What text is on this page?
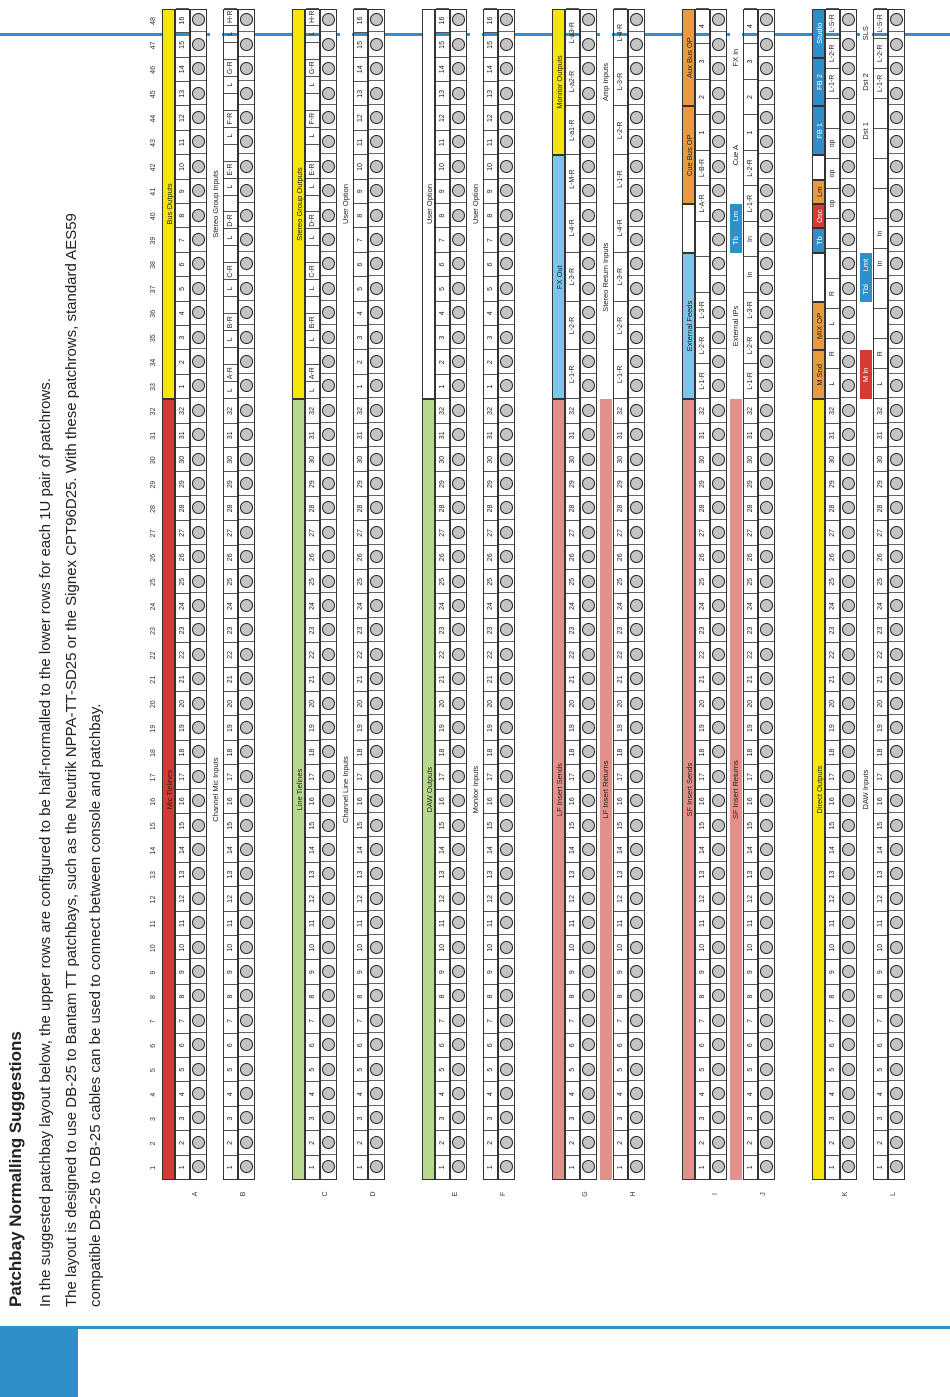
Patchbay Normalling Suggestions In the suggested patchbay layout below, the upper rows are configured to be half-normalled to the lower rows for each 1U pair of patchrows. The layout is designed to use DB-25 to Bantam TT patchbays, such as the Neutrik NPPA-TT-SD25 or the Signex CPT96D25. With these patchrows, standard AES59 compatible DB-25 to DB-25 cables can be used to connect between console and patchbay.	1
2
3
4
5
6
7
8
9
10
11
12
13
14
15
16
17
18
19
20
21
22
23
24
25
26
27
28
29
30
31
32
33
34
35
36
37
38
39
40
41
42
43
44
45
46
47
48
Mic Tielines
Bus Outputs
1
2
3
4
5
6
7
8
9
10
11
12
13
14
15
16
17
18
19
20
21
22
23
24
25
26
27
28
29
30
31
32
1
2
3
4
5
6
7
8
9
10
11
12
13
14
15
16
A
Channel Mic Inputs
Stereo Group Inputs
1
2
3
4
5
6
7
8
9
10
11
12
13
14
15
16
17
18
19
20
21
22
23
24
25
26
27
28
29
30
31
32
L
A-R
L
B-R
L
C-R
L
D-R
L
E-R
L
F-R
L
G-R
L
H-R
B
Line Tielines
Stereo Group Outputs
1
2
3
4
5
6
7
8
9
10
11
12
13
14
15
16
17
18
19
20
21
22
23
24
25
26
27
28
29
30
31
32
L
A-R
L
B-R
L
C-R
L
D-R
L
E-R
L
F-R
L
G-R
L
H-R
C
Channel Line Inputs
User Option
1
2
3
4
5
6
7
8
9
10
11
12
13
14
15
16
17
18
19
20
21
22
23
24
25
26
27
28
29
30
31
32
1
2
3
4
5
6
7
8
9
10
11
12
13
14
15
16
D
DAW Outputs
User Option
1
2
3
4
5
6
7
8
9
10
11
12
13
14
15
16
17
18
19
20
21
22
23
24
25
26
27
28
29
30
31
32
1
2
3
4
5
6
7
8
9
10
11
12
13
14
15
16
E
Monitor Inputs
User Option
1
2
3
4
5
6
7
8
9
10
11
12
13
14
15
16
17
18
19
20
21
22
23
24
25
26
27
28
29
30
31
32
1
2
3
4
5
6
7
8
9
10
11
12
13
14
15
16
F
LF Insert Sends
FX Out
Monitor Outputs
1
2
3
4
5
6
7
8
9
10
11
12
13
14
15
16
17
18
19
20
21
22
23
24
25
26
27
28
29
30
31
32
L-1-R
L-2-R
L-3-R
L-4-R
L-M-R
L-a1-R
L-a2-R
L-a3-R
G
LF Insert Returns
Stereo Return Inputs
Amp Inputs
1
2
3
4
5
6
7
8
9
10
11
12
13
14
15
16
17
18
19
20
21
22
23
24
25
26
27
28
29
30
31
32
L-1-R
L-2-R
L-3-R
L-4-R
L-1-R
L-2-R
L-3-R
L-4-R
H
SF Insert Sends
External Feeds
Cue Bus OP
Aux Bus OP
1
2
3
4
5
6
7
8
9
10
11
12
13
14
15
16
17
18
19
20
21
22
23
24
25
26
27
28
29
30
31
32
L-1-R
L-2-R
L-3-R
L-A-R
L-B-R
1
2
3
4
I
SF Insert Returns
External IPs
Tb
Lm
Cue A
FX In
1
2
3
4
5
6
7
8
9
10
11
12
13
14
15
16
17
18
19
20
21
22
23
24
25
26
27
28
29
30
31
32
L-1-R
L-2-R
L-3-R
In
In
L-1-R
L-2-R
1
2
3
4
J
Direct Outputs
M Snd
MIX OP
Tb
Osc
Lm
FB 1
FB 2
Studio
1
2
3
4
5
6
7
8
9
10
11
12
13
14
15
16
17
18
19
20
21
22
23
24
25
26
27
28
29
30
31
32
L
R
L
R
op
op
op
L-1-R
L-2-R
L-S-R
K
DAW Inputs
M In
Tbl
Lmt
Dst 1
Dst 2
SLS
1
2
3
4
5
6
7
8
9
10
11
12
13
14
15
16
17
18
19
20
21
22
23
24
25
26
27
28
29
30
31
32
L
R
In
In
L-1-R
L-2-R
L-S-R
L
